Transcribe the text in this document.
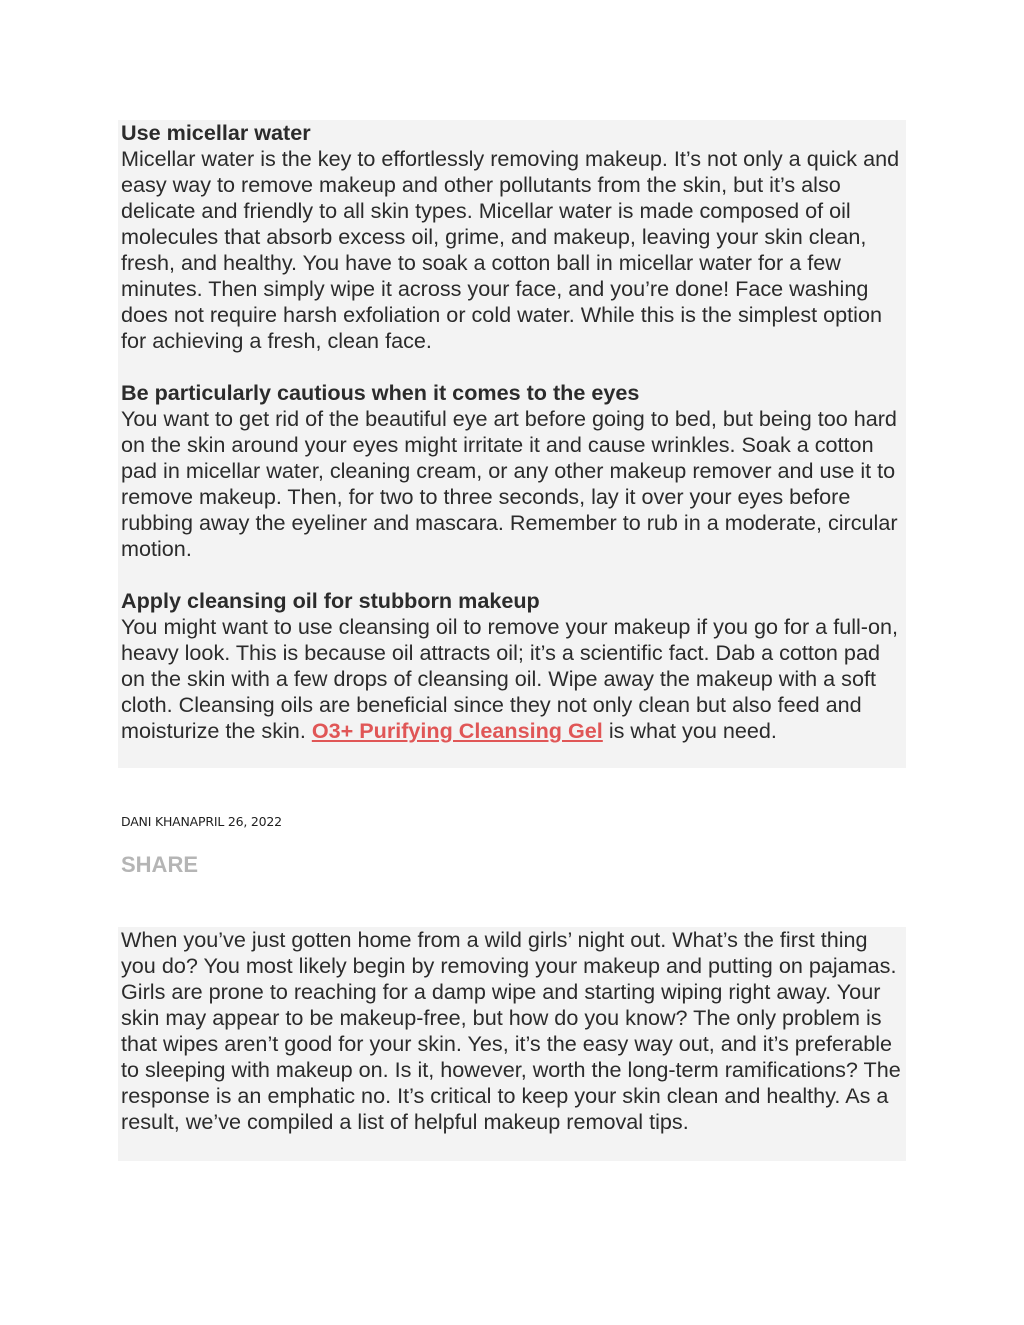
Use micellar water
Micellar water is the key to effortlessly removing makeup. It’s not only a quick and easy way to remove makeup and other pollutants from the skin, but it’s also delicate and friendly to all skin types. Micellar water is made composed of oil molecules that absorb excess oil, grime, and makeup, leaving your skin clean, fresh, and healthy. You have to soak a cotton ball in micellar water for a few minutes. Then simply wipe it across your face, and you’re done! Face washing does not require harsh exfoliation or cold water. While this is the simplest option for achieving a fresh, clean face.
Be particularly cautious when it comes to the eyes
You want to get rid of the beautiful eye art before going to bed, but being too hard on the skin around your eyes might irritate it and cause wrinkles. Soak a cotton pad in micellar water, cleaning cream, or any other makeup remover and use it to remove makeup. Then, for two to three seconds, lay it over your eyes before rubbing away the eyeliner and mascara. Remember to rub in a moderate, circular motion.
Apply cleansing oil for stubborn makeup
You might want to use cleansing oil to remove your makeup if you go for a full-on, heavy look. This is because oil attracts oil; it’s a scientific fact. Dab a cotton pad on the skin with a few drops of cleansing oil. Wipe away the makeup with a soft cloth. Cleansing oils are beneficial since they not only clean but also feed and moisturize the skin. O3+ Purifying Cleansing Gel is what you need.
DANI KHANAPRIL 26, 2022
SHARE
When you’ve just gotten home from a wild girls’ night out. What’s the first thing you do? You most likely begin by removing your makeup and putting on pajamas. Girls are prone to reaching for a damp wipe and starting wiping right away. Your skin may appear to be makeup-free, but how do you know? The only problem is that wipes aren’t good for your skin. Yes, it’s the easy way out, and it’s preferable to sleeping with makeup on. Is it, however, worth the long-term ramifications? The response is an emphatic no. It’s critical to keep your skin clean and healthy. As a result, we’ve compiled a list of helpful makeup removal tips.
